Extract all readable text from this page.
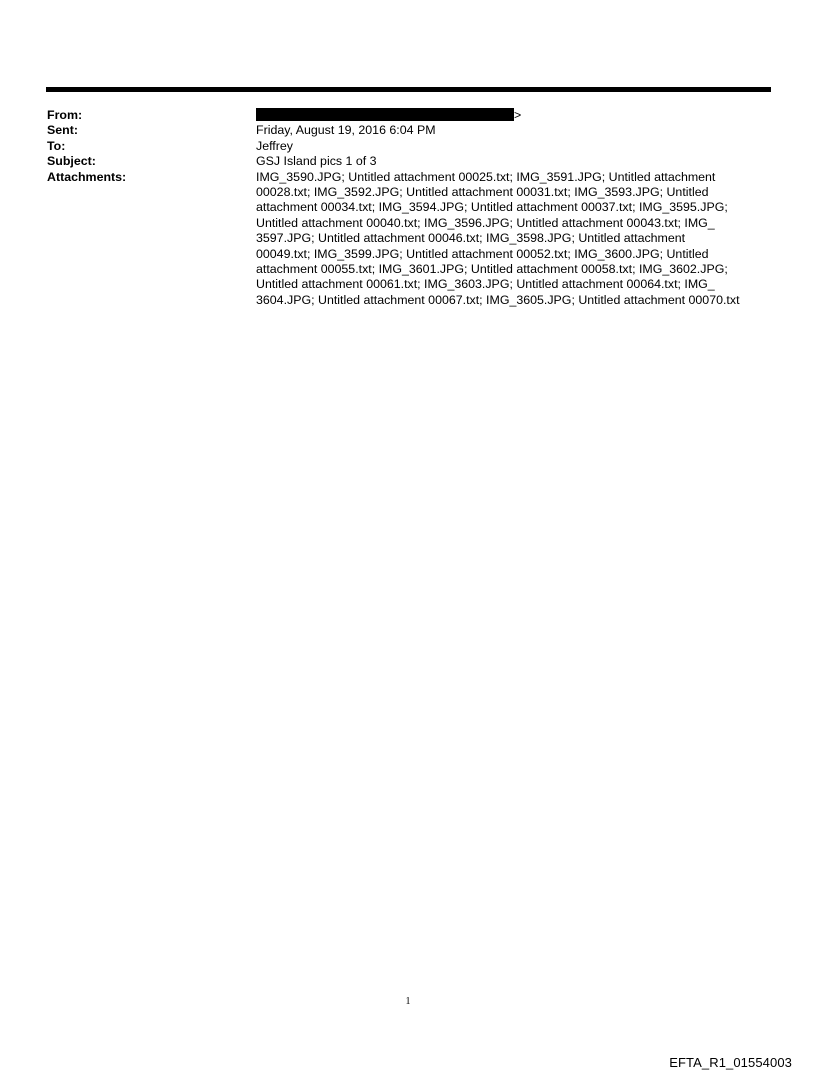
From:	>
Sent:	Friday, August 19, 2016 6:04 PM
To:	Jeffrey
Subject:	GSJ Island pics 1 of 3
Attachments:	IMG_3590.JPG; Untitled attachment 00025.txt; IMG_3591.JPG; Untitled attachment
00028.txt; IMG_3592.JPG; Untitled attachment 00031.txt; IMG_3593.JPG; Untitled
attachment 00034.txt; IMG_3594.JPG; Untitled attachment 00037.txt; IMG_3595.JPG;
Untitled attachment 00040.txt; IMG_3596.JPG; Untitled attachment 00043.txt; IMG_
3597.JPG; Untitled attachment 00046.txt; IMG_3598.JPG; Untitled attachment
00049.txt; IMG_3599.JPG; Untitled attachment 00052.txt; IMG_3600.JPG; Untitled
attachment 00055.txt; IMG_3601.JPG; Untitled attachment 00058.txt; IMG_3602.JPG;
Untitled attachment 00061.txt; IMG_3603.JPG; Untitled attachment 00064.txt; IMG_
3604.JPG; Untitled attachment 00067.txt; IMG_3605.JPG; Untitled attachment 00070.txt
1
EFTA_R1_01554003
